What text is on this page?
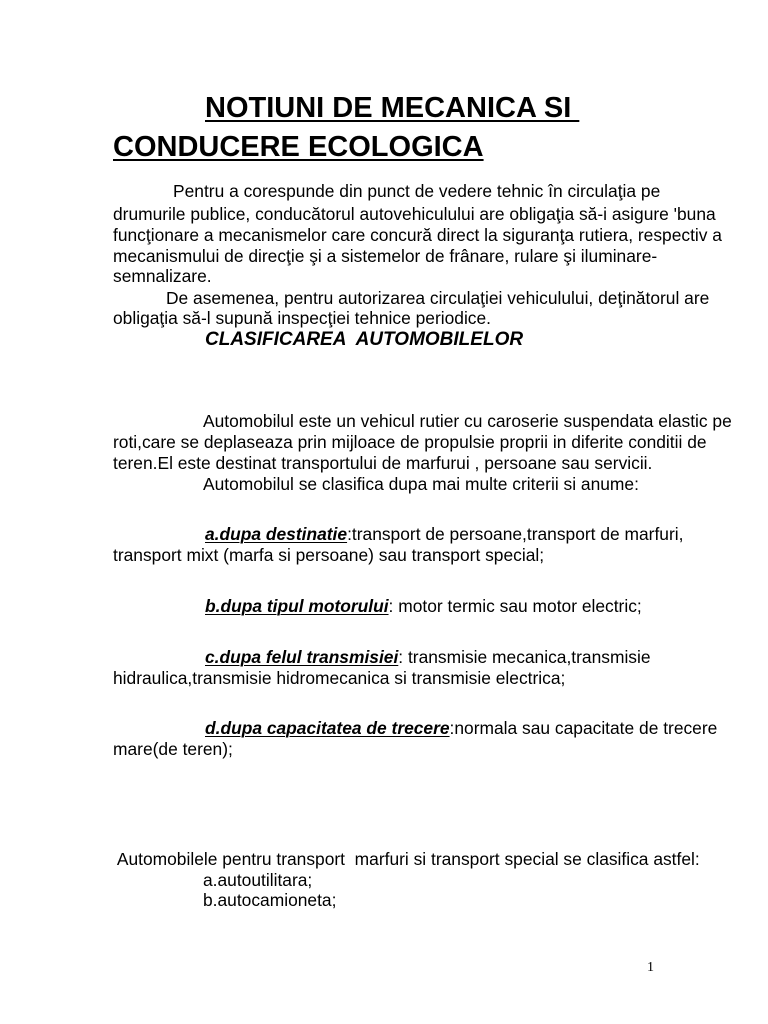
NOTIUNI DE MECANICA SI
CONDUCERE ECOLOGICA
Pentru a corespunde din punct de vedere tehnic în circulaţia pe
drumurile publice, conducătorul autovehiculului are obligaţia să-i asigure 'buna
funcţionare a mecanismelor care concură direct la siguranţa rutiera, respectiv a
mecanismului de direcţie şi a sistemelor de frânare, rulare şi iluminare-
semnalizare.
De asemenea, pentru autorizarea circulaţiei vehiculului, deţinătorul are
obligaţia să-l supună inspecţiei tehnice periodice.
CLASIFICAREA  AUTOMOBILELOR
Automobilul este un vehicul rutier cu caroserie suspendata elastic pe
roti,care se deplaseaza prin mijloace de propulsie proprii in diferite conditii de
teren.El este destinat transportului de marfurui , persoane sau servicii.
Automobilul se clasifica dupa mai multe criterii si anume:
a.dupa destinatie:transport de persoane,transport de marfuri,
transport mixt (marfa si persoane) sau transport special;
b.dupa tipul motorului: motor termic sau motor electric;
c.dupa felul transmisiei: transmisie mecanica,transmisie
hidraulica,transmisie hidromecanica si transmisie electrica;
d.dupa capacitatea de trecere:normala sau capacitate de trecere
mare(de teren);
Automobilele pentru transport  marfuri si transport special se clasifica astfel:
a.autoutilitara;
b.autocamioneta;
1
